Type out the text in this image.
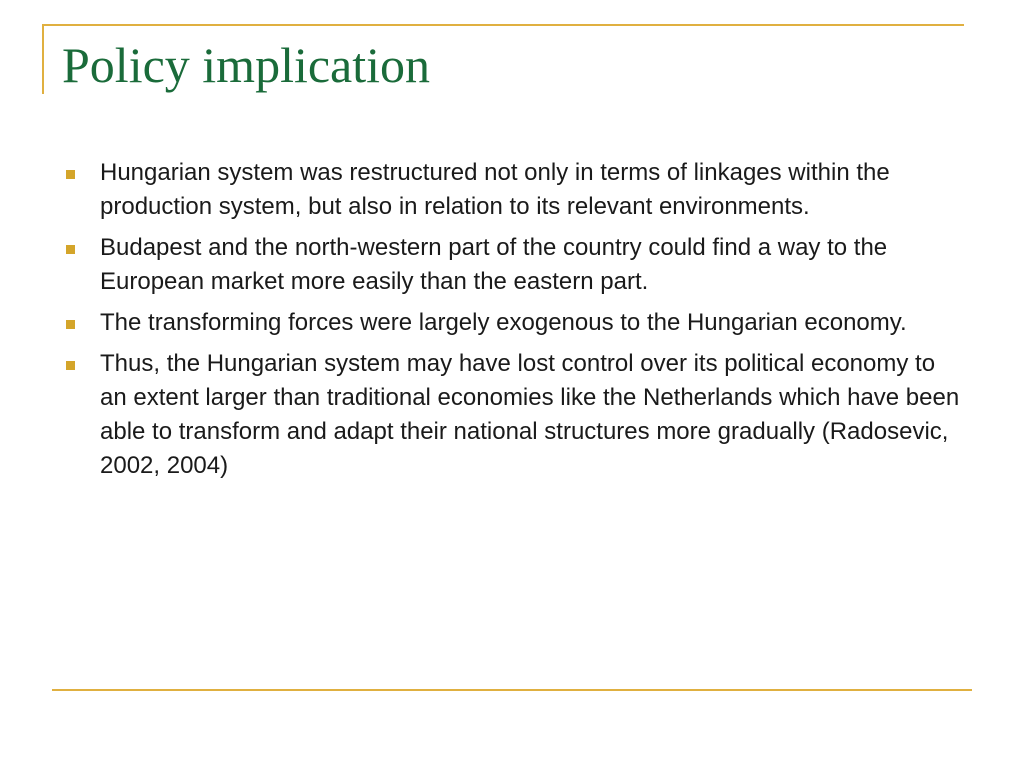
Policy implication
Hungarian system was restructured not only in terms of linkages within the production system, but also in relation to its relevant environments.
Budapest and the north-western part of the country could find a way to the European market more easily than the eastern part.
The transforming forces were largely exogenous to the Hungarian economy.
Thus, the Hungarian system may have lost control over its political economy to an extent larger than traditional economies like the Netherlands which have been able to transform and adapt their national structures more gradually (Radosevic, 2002, 2004)
